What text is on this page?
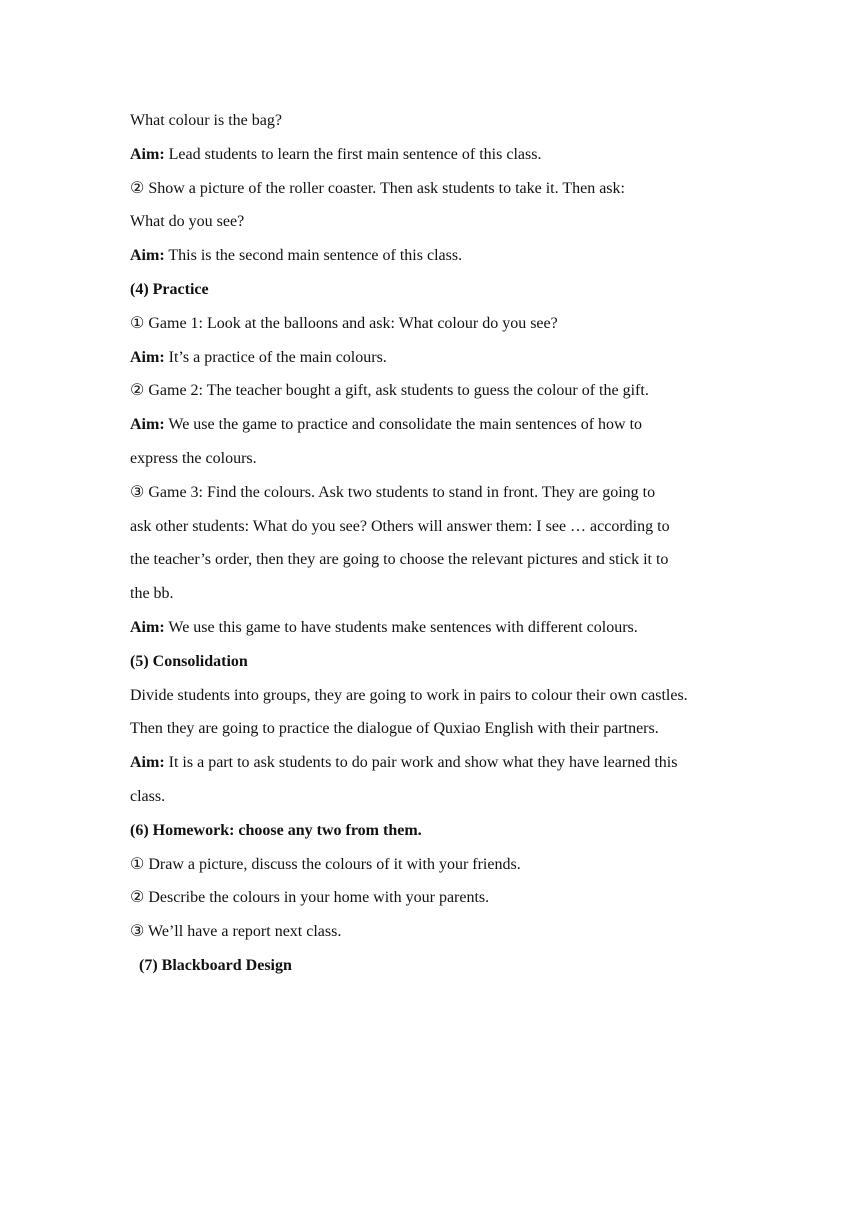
What colour is the bag?
Aim: Lead students to learn the first main sentence of this class.
② Show a picture of the roller coaster. Then ask students to take it. Then ask:
What do you see?
Aim: This is the second main sentence of this class.
(4) Practice
① Game 1: Look at the balloons and ask: What colour do you see?
Aim: It’s a practice of the main colours.
② Game 2: The teacher bought a gift, ask students to guess the colour of the gift.
Aim: We use the game to practice and consolidate the main sentences of how to
express the colours.
③ Game 3: Find the colours. Ask two students to stand in front. They are going to
ask other students: What do you see? Others will answer them: I see … according to
the teacher’s order, then they are going to choose the relevant pictures and stick it to
the bb.
Aim: We use this game to have students make sentences with different colours.
(5) Consolidation
Divide students into groups, they are going to work in pairs to colour their own castles.
Then they are going to practice the dialogue of Quxiao English with their partners.
Aim: It is a part to ask students to do pair work and show what they have learned this
class.
(6) Homework: choose any two from them.
① Draw a picture, discuss the colours of it with your friends.
② Describe the colours in your home with your parents.
③ We’ll have a report next class.
(7) Blackboard Design
